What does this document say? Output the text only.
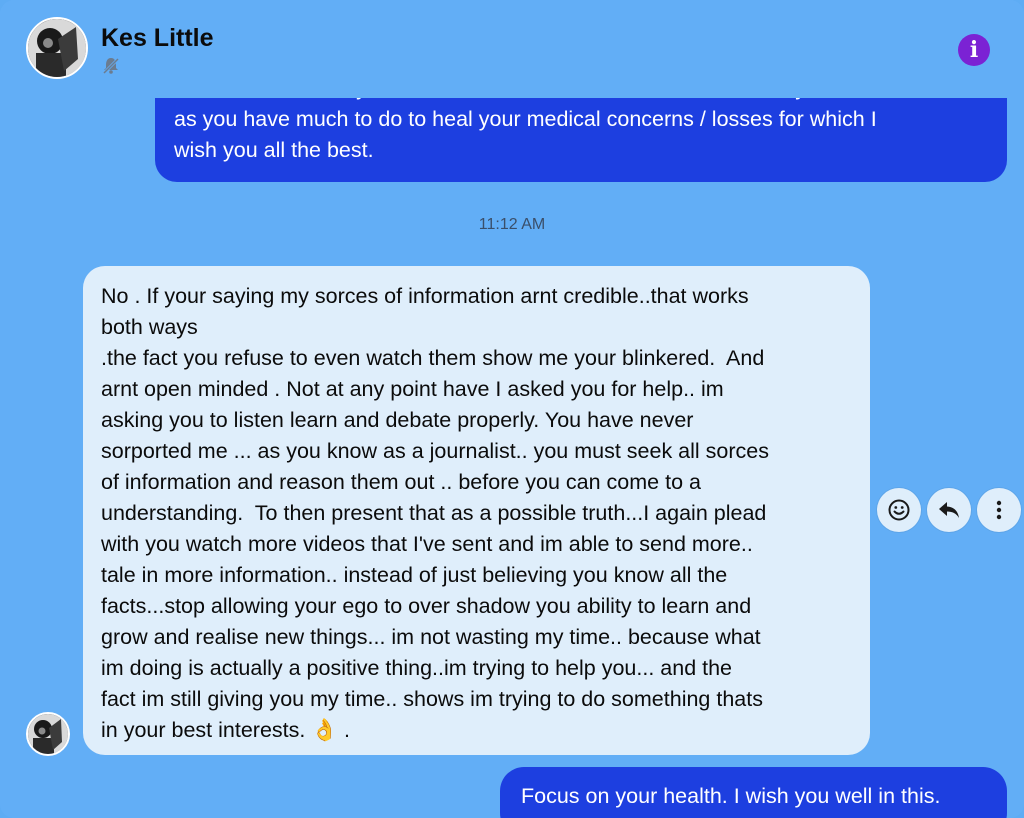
as you have much to do to heal your medical concerns / losses for which I
wish you all the best.
Kes Little	i
11:12 AM
No . If your saying my sorces of information arnt credible..that works
both ways
.the fact you refuse to even watch them show me your blinkered.  And
arnt open minded . Not at any point have I asked you for help.. im
asking you to listen learn and debate properly. You have never
sorported me ... as you know as a journalist.. you must seek all sorces
of information and reason them out .. before you can come to a
understanding.  To then present that as a possible truth...I again plead
with you watch more videos that I've sent and im able to send more..
tale in more information.. instead of just believing you know all the
facts...stop allowing your ego to over shadow you ability to learn and
grow and realise new things... im not wasting my time.. because what
im doing is actually a positive thing..im trying to help you... and the
fact im still giving you my time.. shows im trying to do something thats
in your best interests. 👌 .
Focus on your health. I wish you well in this.
